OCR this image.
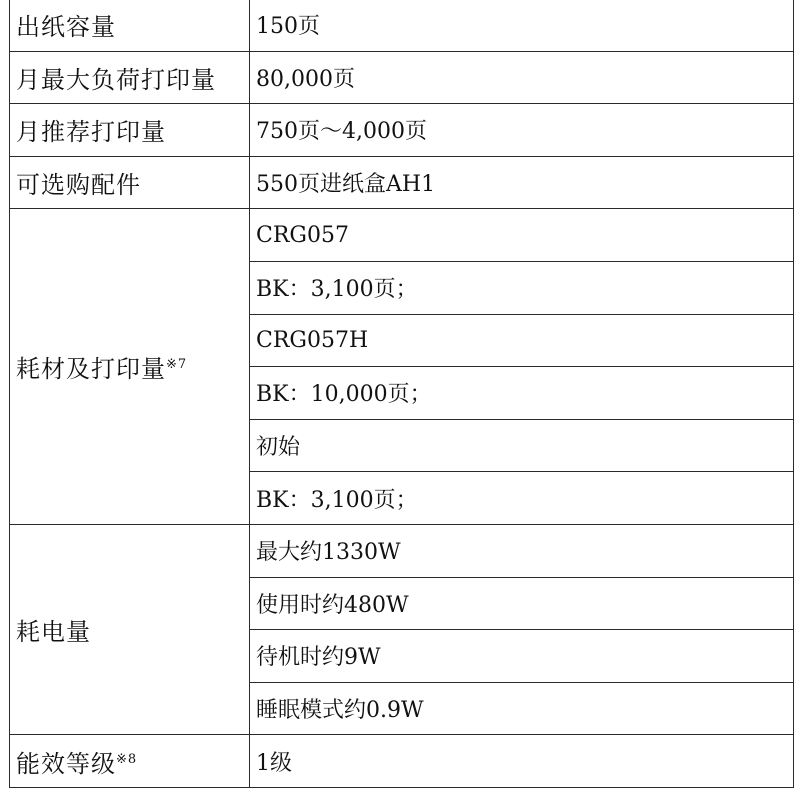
出纸容量	150页
月最大负荷打印量	80,000页
月推荐打印量	750页～4,000页
可选购配件	550页进纸盒AH1
耗材及打印量$^{※7}$	CRG057
	BK：3,100页；
	CRG057H
	BK：10,000页；
	初始
	BK：3,100页；
耗电量	最大约1330W
	使用时约480W
	待机时约9W
	睡眠模式约0.9W
能效等级$^{※8}$	1级
